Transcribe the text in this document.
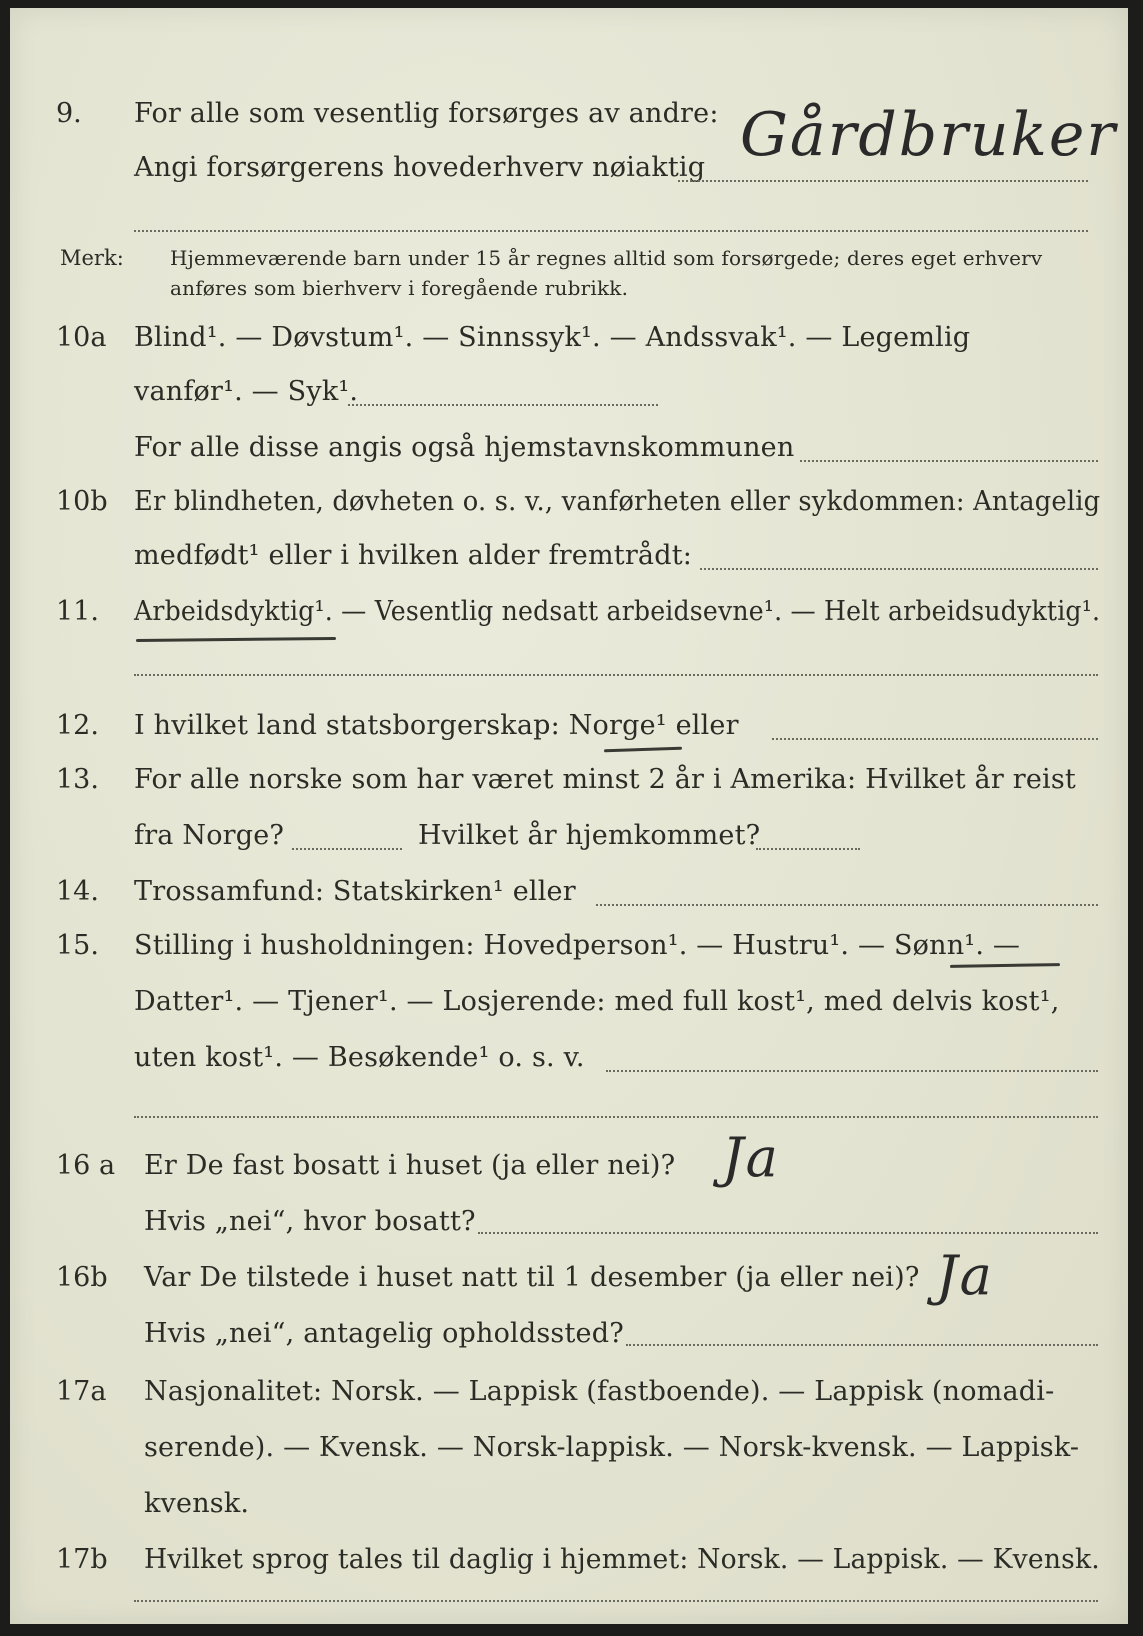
9. For alle som vesentlig forsørges av andre:
Angi forsørgerens hovederhverv nøiaktig Gårdbruker
Merk: Hjemmeværende barn under 15 år regnes alltid som forsørgede; deres eget erhverv
anføres som bierhverv i foregående rubrikk.
10a Blind¹. — Døvstum¹. — Sinnssyk¹. — Andssvak¹. — Legemlig
vanfør¹. — Syk¹.
For alle disse angis også hjemstavnskommunen
10b Er blindheten, døvheten o. s. v., vanførheten eller sykdommen: Antagelig
medfødt¹ eller i hvilken alder fremtrådt:
11. Arbeidsdyktig¹. — Vesentlig nedsatt arbeidsevne¹. — Helt arbeidsudyktig¹.
12. I hvilket land statsborgerskap: Norge¹ eller
13. For alle norske som har været minst 2 år i Amerika: Hvilket år reist
fra Norge?	Hvilket år hjemkommet?
14. Trossamfund: Statskirken¹ eller
15. Stilling i husholdningen: Hovedperson¹. — Hustru¹. — Sønn¹. —
Datter¹. — Tjener¹. — Losjerende: med full kost¹, med delvis kost¹,
uten kost¹. — Besøkende¹ o. s. v.
16 a Er De fast bosatt i huset (ja eller nei)? Ja
Hvis „nei“, hvor bosatt?
16b Var De tilstede i huset natt til 1 desember (ja eller nei)? Ja
Hvis „nei“, antagelig opholdssted?
17a Nasjonalitet: Norsk. — Lappisk (fastboende). — Lappisk (nomadi-
serende). — Kvensk. — Norsk-lappisk. — Norsk-kvensk. — Lappisk-
kvensk.
17b Hvilket sprog tales til daglig i hjemmet: Norsk. — Lappisk. — Kvensk.
